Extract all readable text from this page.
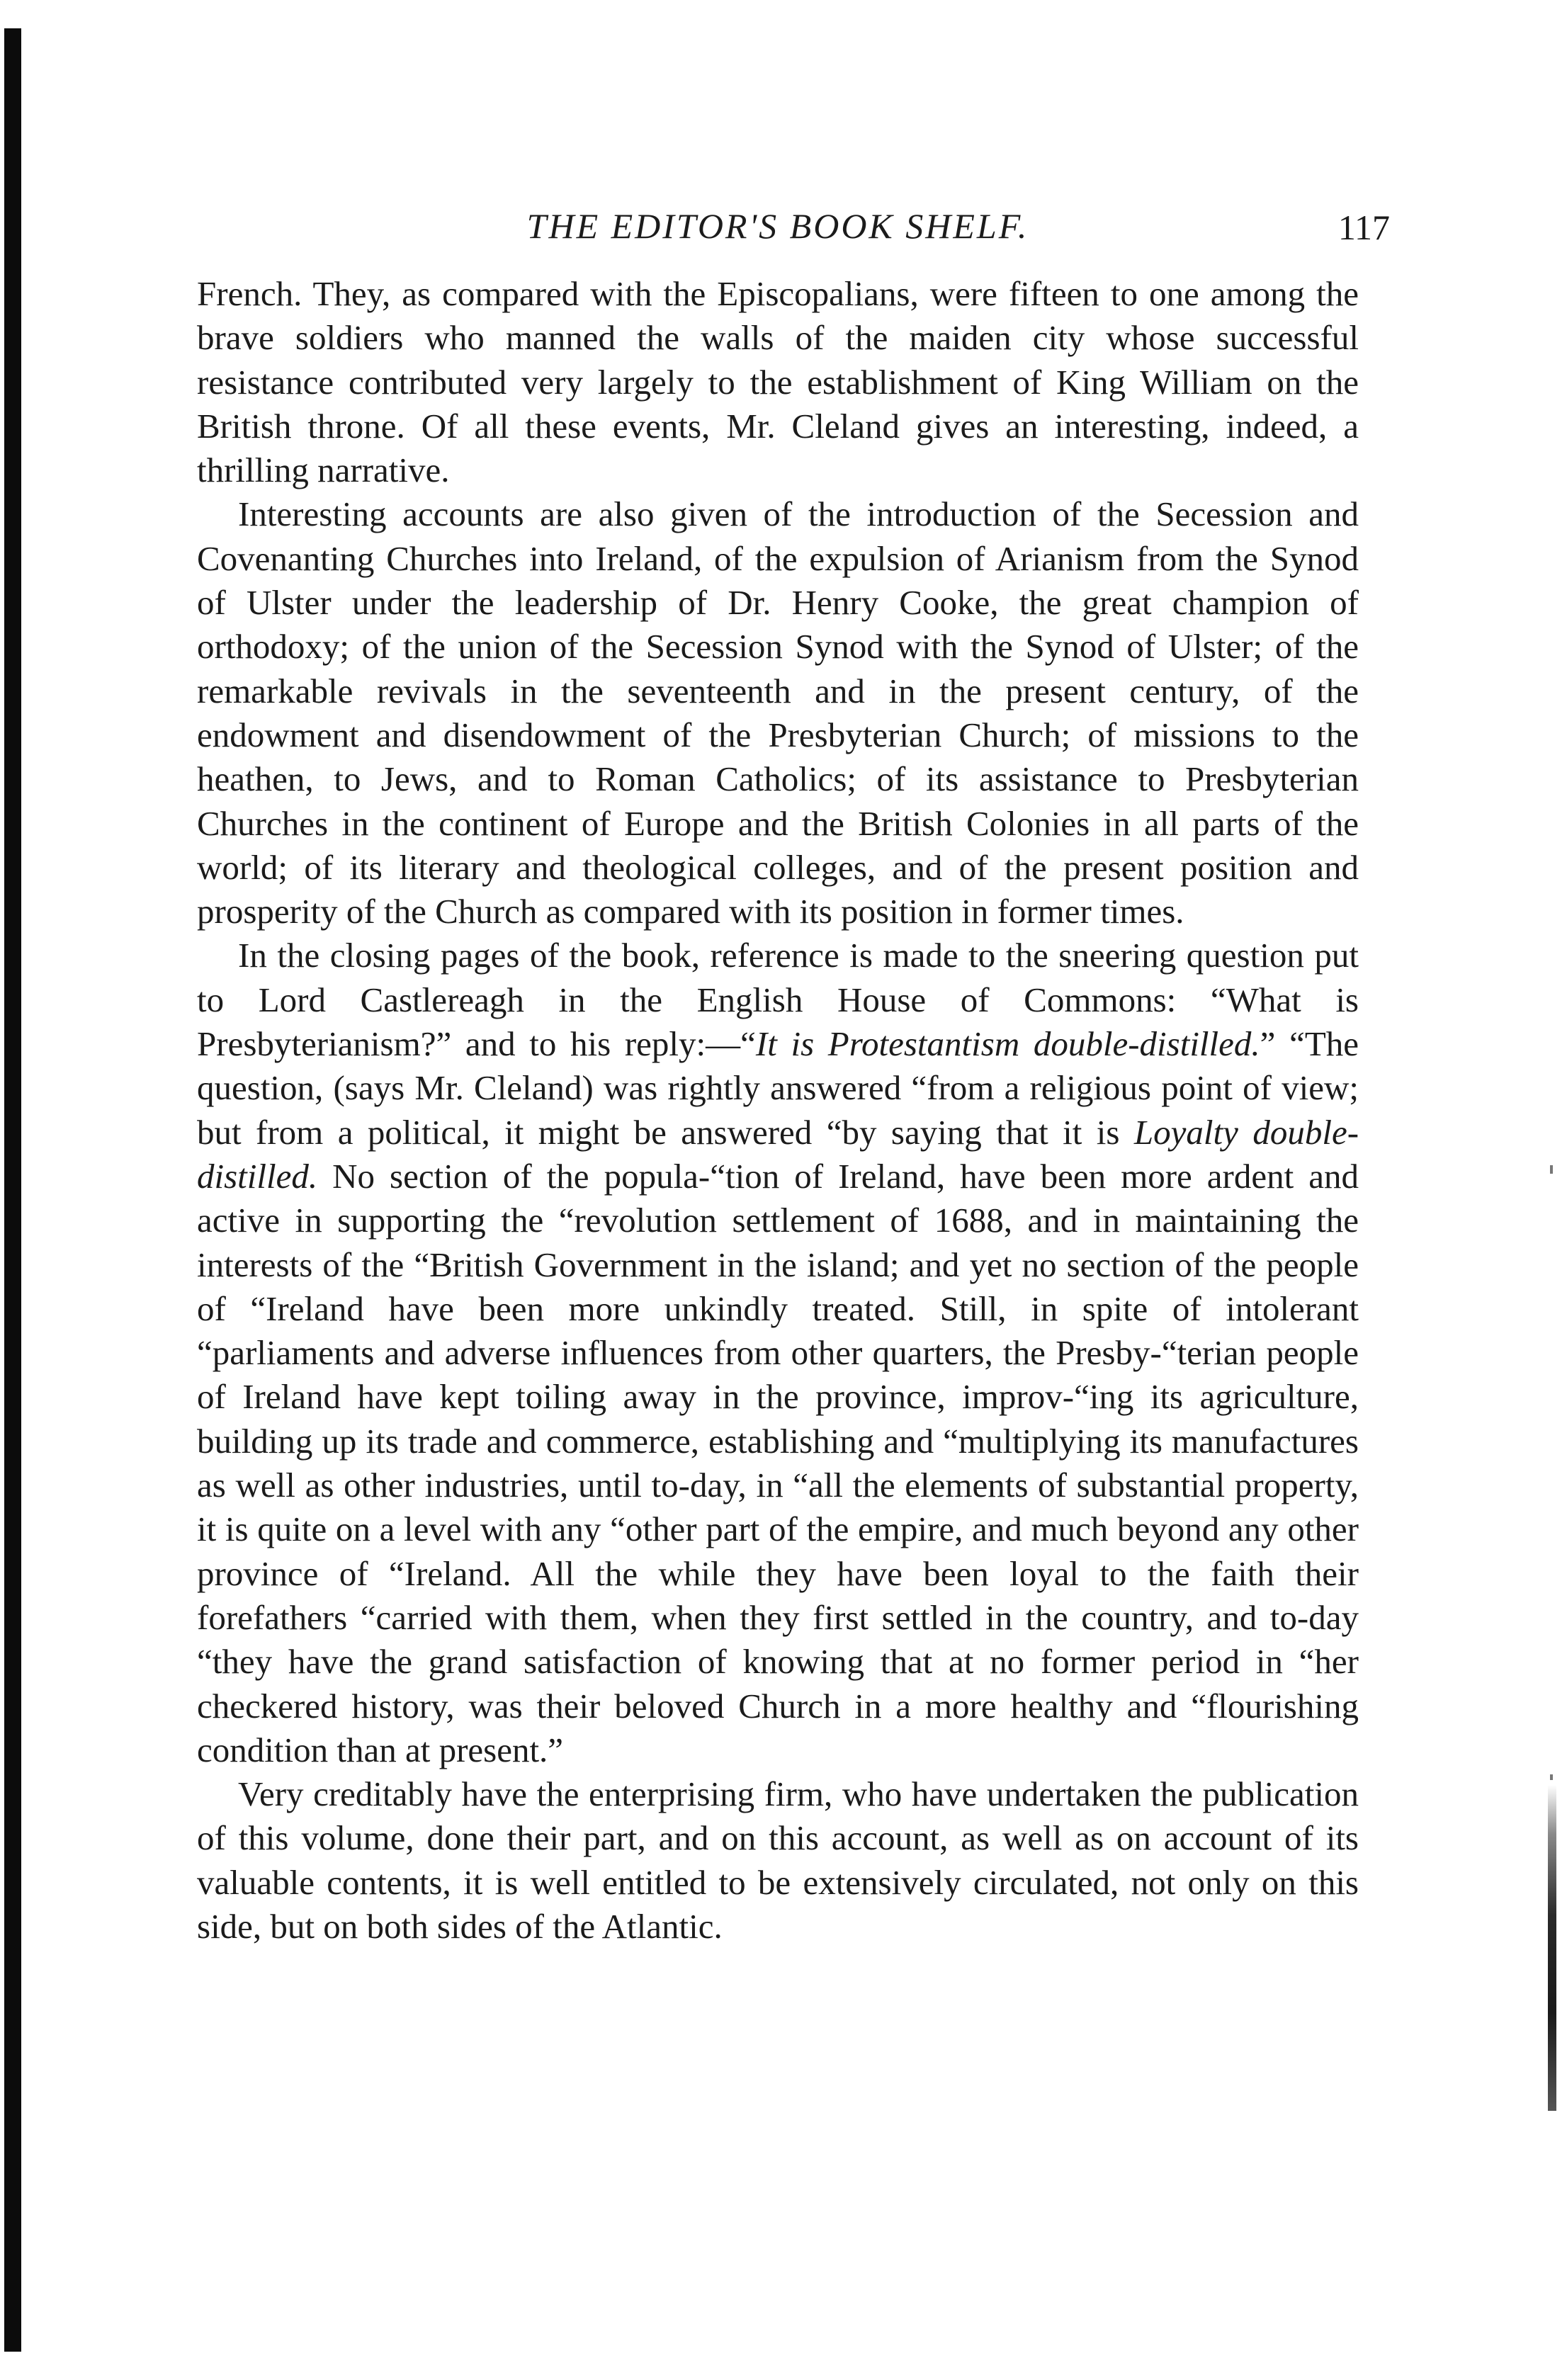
THE EDITOR'S BOOK SHELF.	117

French. They, as compared with the Episcopalians, were fifteen to one among the brave soldiers who manned the walls of the maiden city whose successful resistance contributed very largely to the establishment of King William on the British throne. Of all these events, Mr. Cleland gives an interesting, indeed, a thrilling narrative.

Interesting accounts are also given of the introduction of the Secession and Covenanting Churches into Ireland, of the expulsion of Arianism from the Synod of Ulster under the leadership of Dr. Henry Cooke, the great champion of orthodoxy; of the union of the Secession Synod with the Synod of Ulster; of the remarkable revivals in the seventeenth and in the present century, of the endowment and disendowment of the Presbyterian Church; of missions to the heathen, to Jews, and to Roman Catholics; of its assistance to Presbyterian Churches in the continent of Europe and the British Colonies in all parts of the world; of its literary and theological colleges, and of the present position and prosperity of the Church as compared with its position in former times.

In the closing pages of the book, reference is made to the sneering question put to Lord Castlereagh in the English House of Commons: “What is Presbyterianism?” and to his reply:—“It is Protestantism double-distilled.” “The question, (says Mr. Cleland) was rightly answered “from a religious point of view; but from a political, it might be answered “by saying that it is Loyalty double-distilled. No section of the popula-“tion of Ireland, have been more ardent and active in supporting the “revolution settlement of 1688, and in maintaining the interests of the “British Government in the island; and yet no section of the people of “Ireland have been more unkindly treated. Still, in spite of intolerant “parliaments and adverse influences from other quarters, the Presby-“terian people of Ireland have kept toiling away in the province, improv-“ing its agriculture, building up its trade and commerce, establishing and “multiplying its manufactures as well as other industries, until to-day, in “all the elements of substantial property, it is quite on a level with any “other part of the empire, and much beyond any other province of “Ireland. All the while they have been loyal to the faith their forefathers “carried with them, when they first settled in the country, and to-day “they have the grand satisfaction of knowing that at no former period in “her checkered history, was their beloved Church in a more healthy and “flourishing condition than at present.”

Very creditably have the enterprising firm, who have undertaken the publication of this volume, done their part, and on this account, as well as on account of its valuable contents, it is well entitled to be extensively circulated, not only on this side, but on both sides of the Atlantic.
